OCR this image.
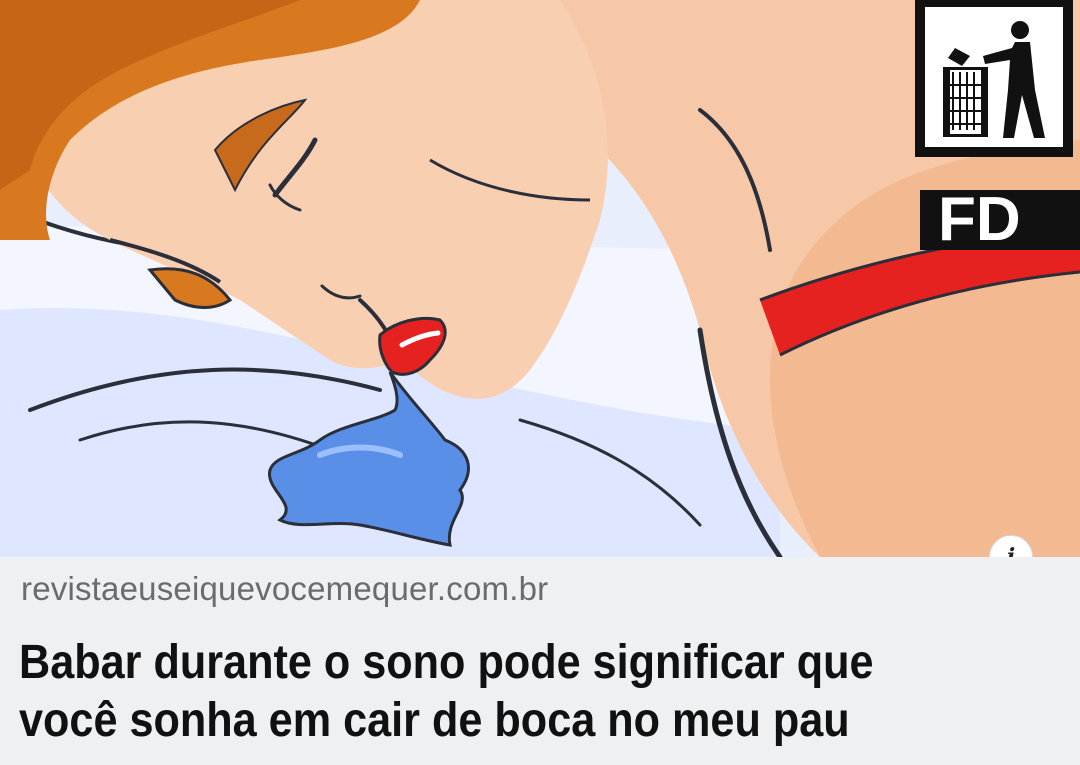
FD
revistaeuseiquevocemequer.com.br
Babar durante o sono pode significar que
você sonha em cair de boca no meu pau
